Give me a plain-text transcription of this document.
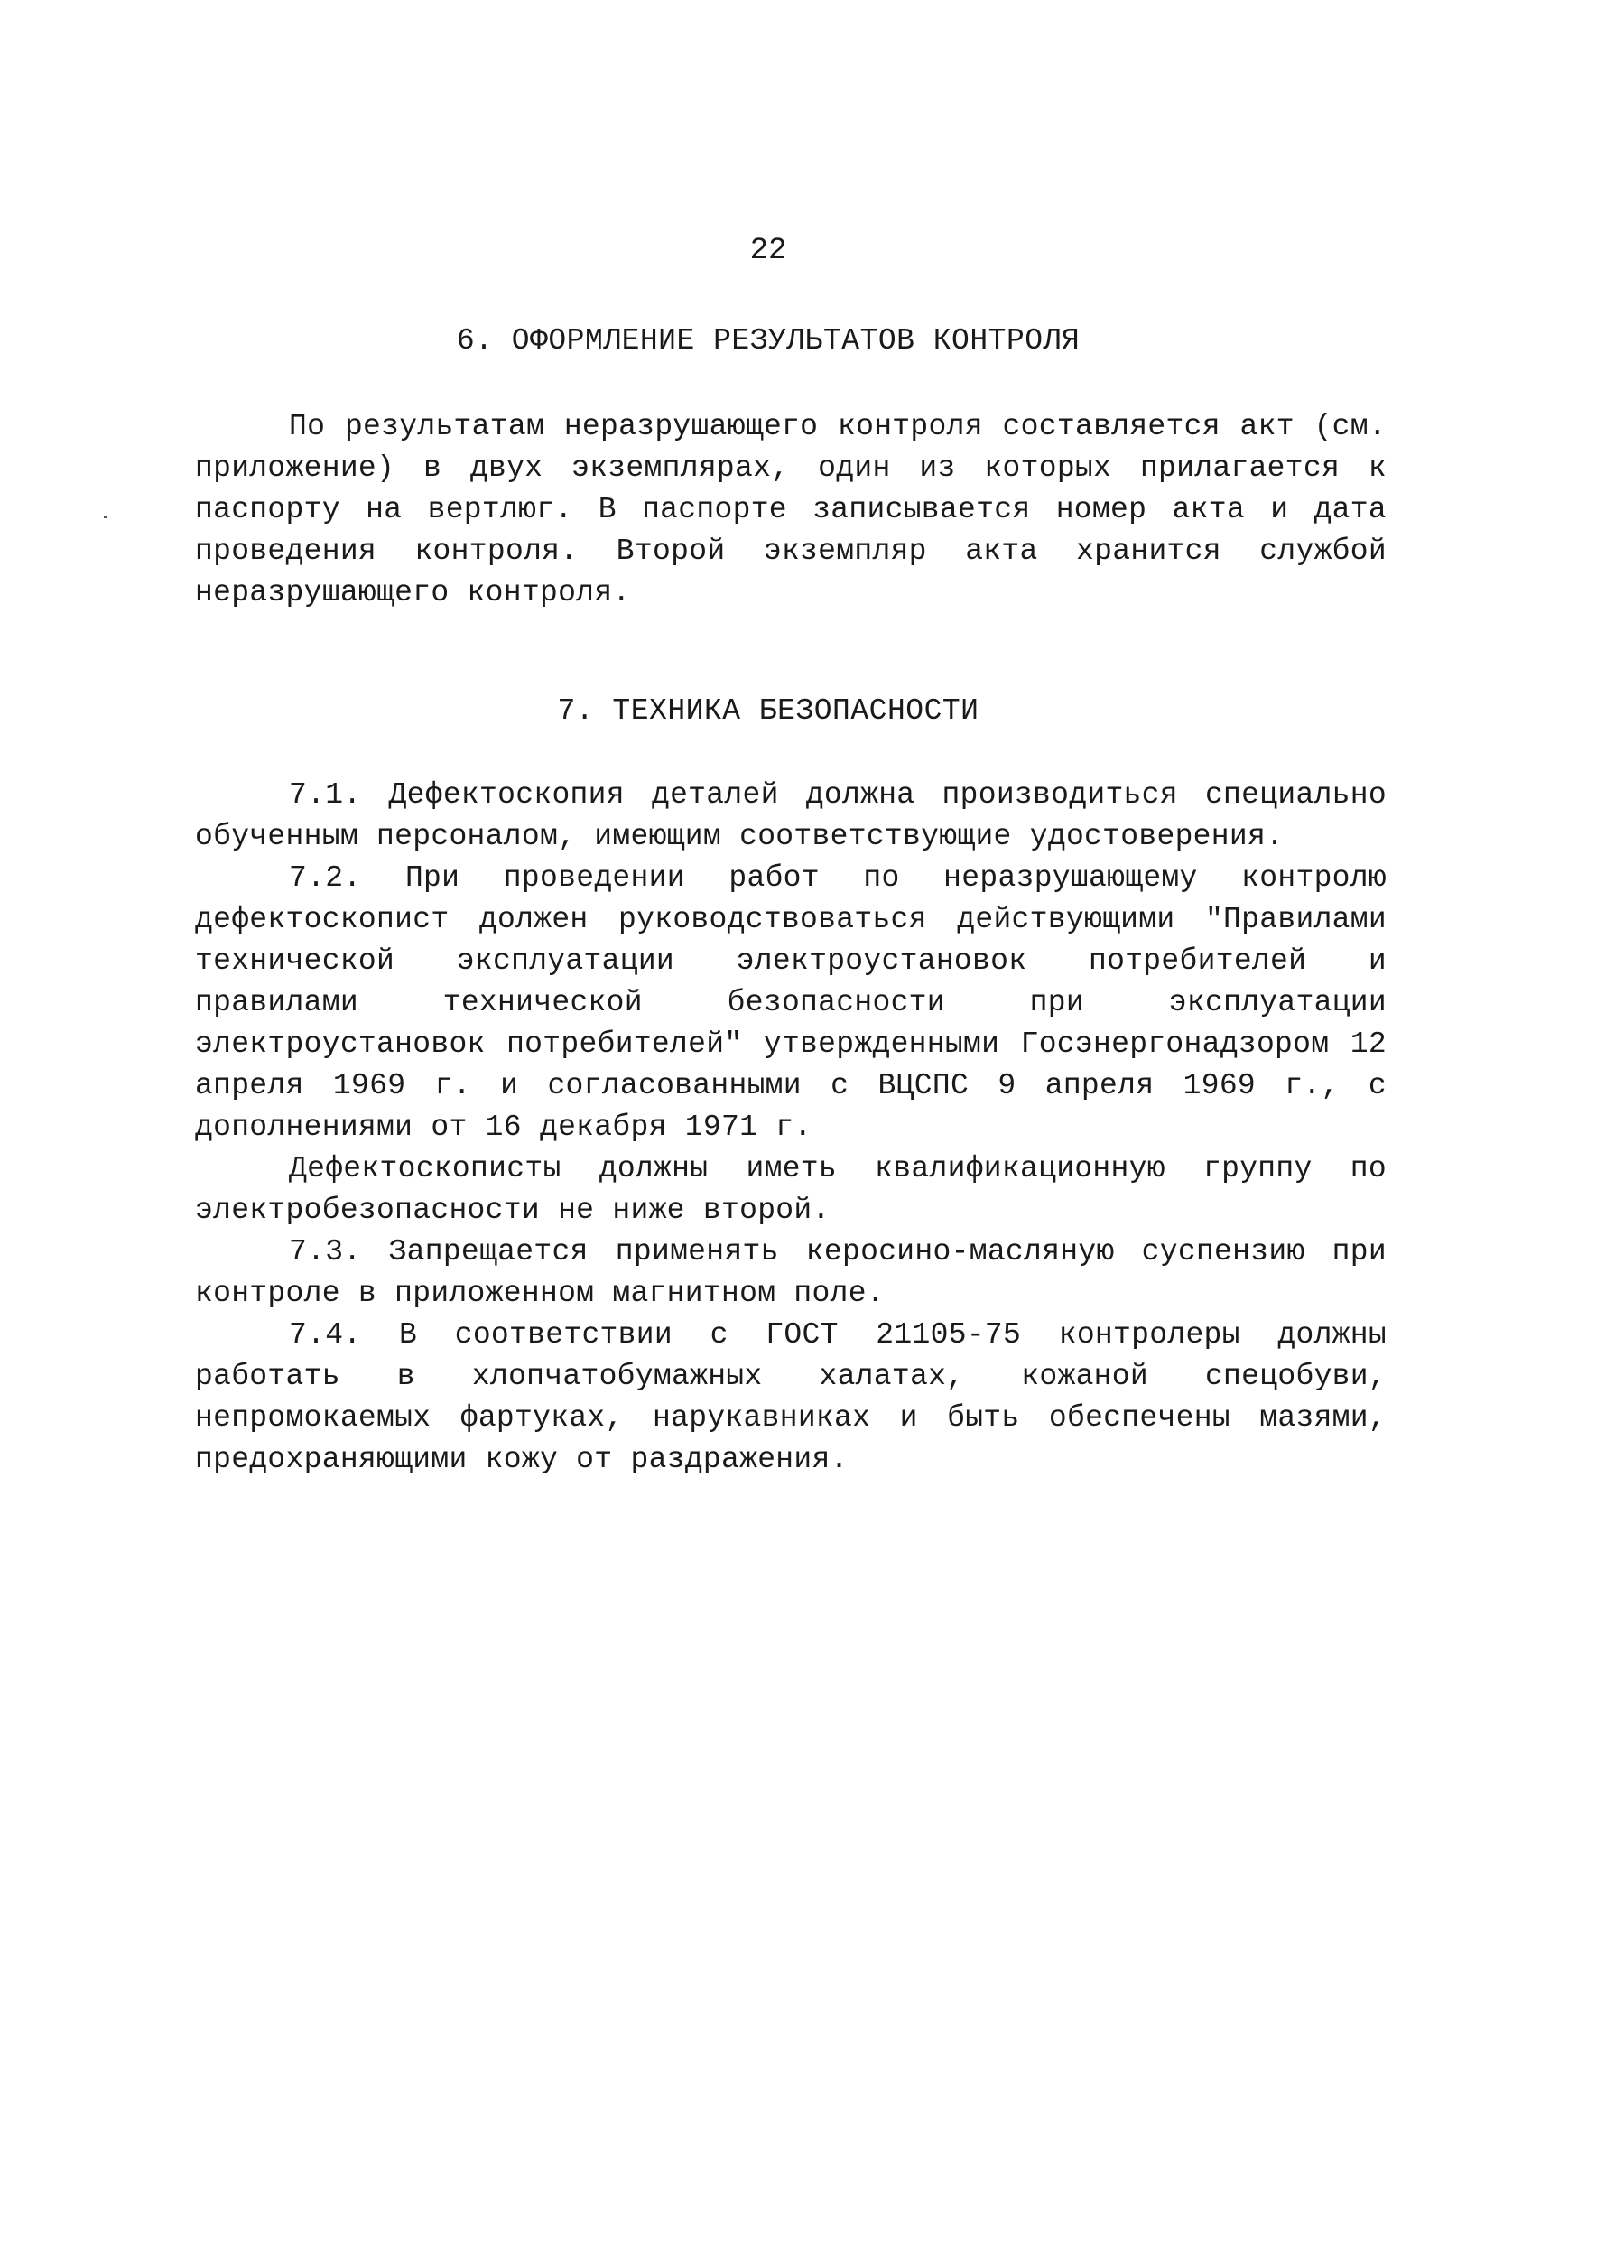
22
6. ОФОРМЛЕНИЕ РЕЗУЛЬТАТОВ КОНТРОЛЯ

По результатам неразрушающего контроля составляется акт (см. приложение) в двух экземплярах, один из которых прилагается к паспорту на вертлюг. В паспорте записывается номер акта и дата проведения контроля. Второй экземпляр акта хранится службой неразрушающего контроля.

7. ТЕХНИКА БЕЗОПАСНОСТИ

7.1. Дефектоскопия деталей должна производиться специально обученным персоналом, имеющим соответствующие удостоверения.

7.2. При проведении работ по неразрушающему контролю дефектоскопист должен руководствоваться действующими "Правилами технической эксплуатации электроустановок потребителей и правилами технической безопасности при эксплуатации электроустановок потребителей" утвержденными Госэнергонадзором 12 апреля 1969 г. и согласованными с ВЦСПС 9 апреля 1969 г., с дополнениями от 16 декабря 1971 г.

Дефектоскописты должны иметь квалификационную группу по электробезопасности не ниже второй.

7.3. Запрещается применять керосино-масляную суспензию при контроле в приложенном магнитном поле.

7.4. В соответствии с ГОСТ 21105-75 контролеры должны работать в хлопчатобумажных халатах, кожаной спецобуви, непромокаемых фартуках, нарукавниках и быть обеспечены мазями, предохраняющими кожу от раздражения.
